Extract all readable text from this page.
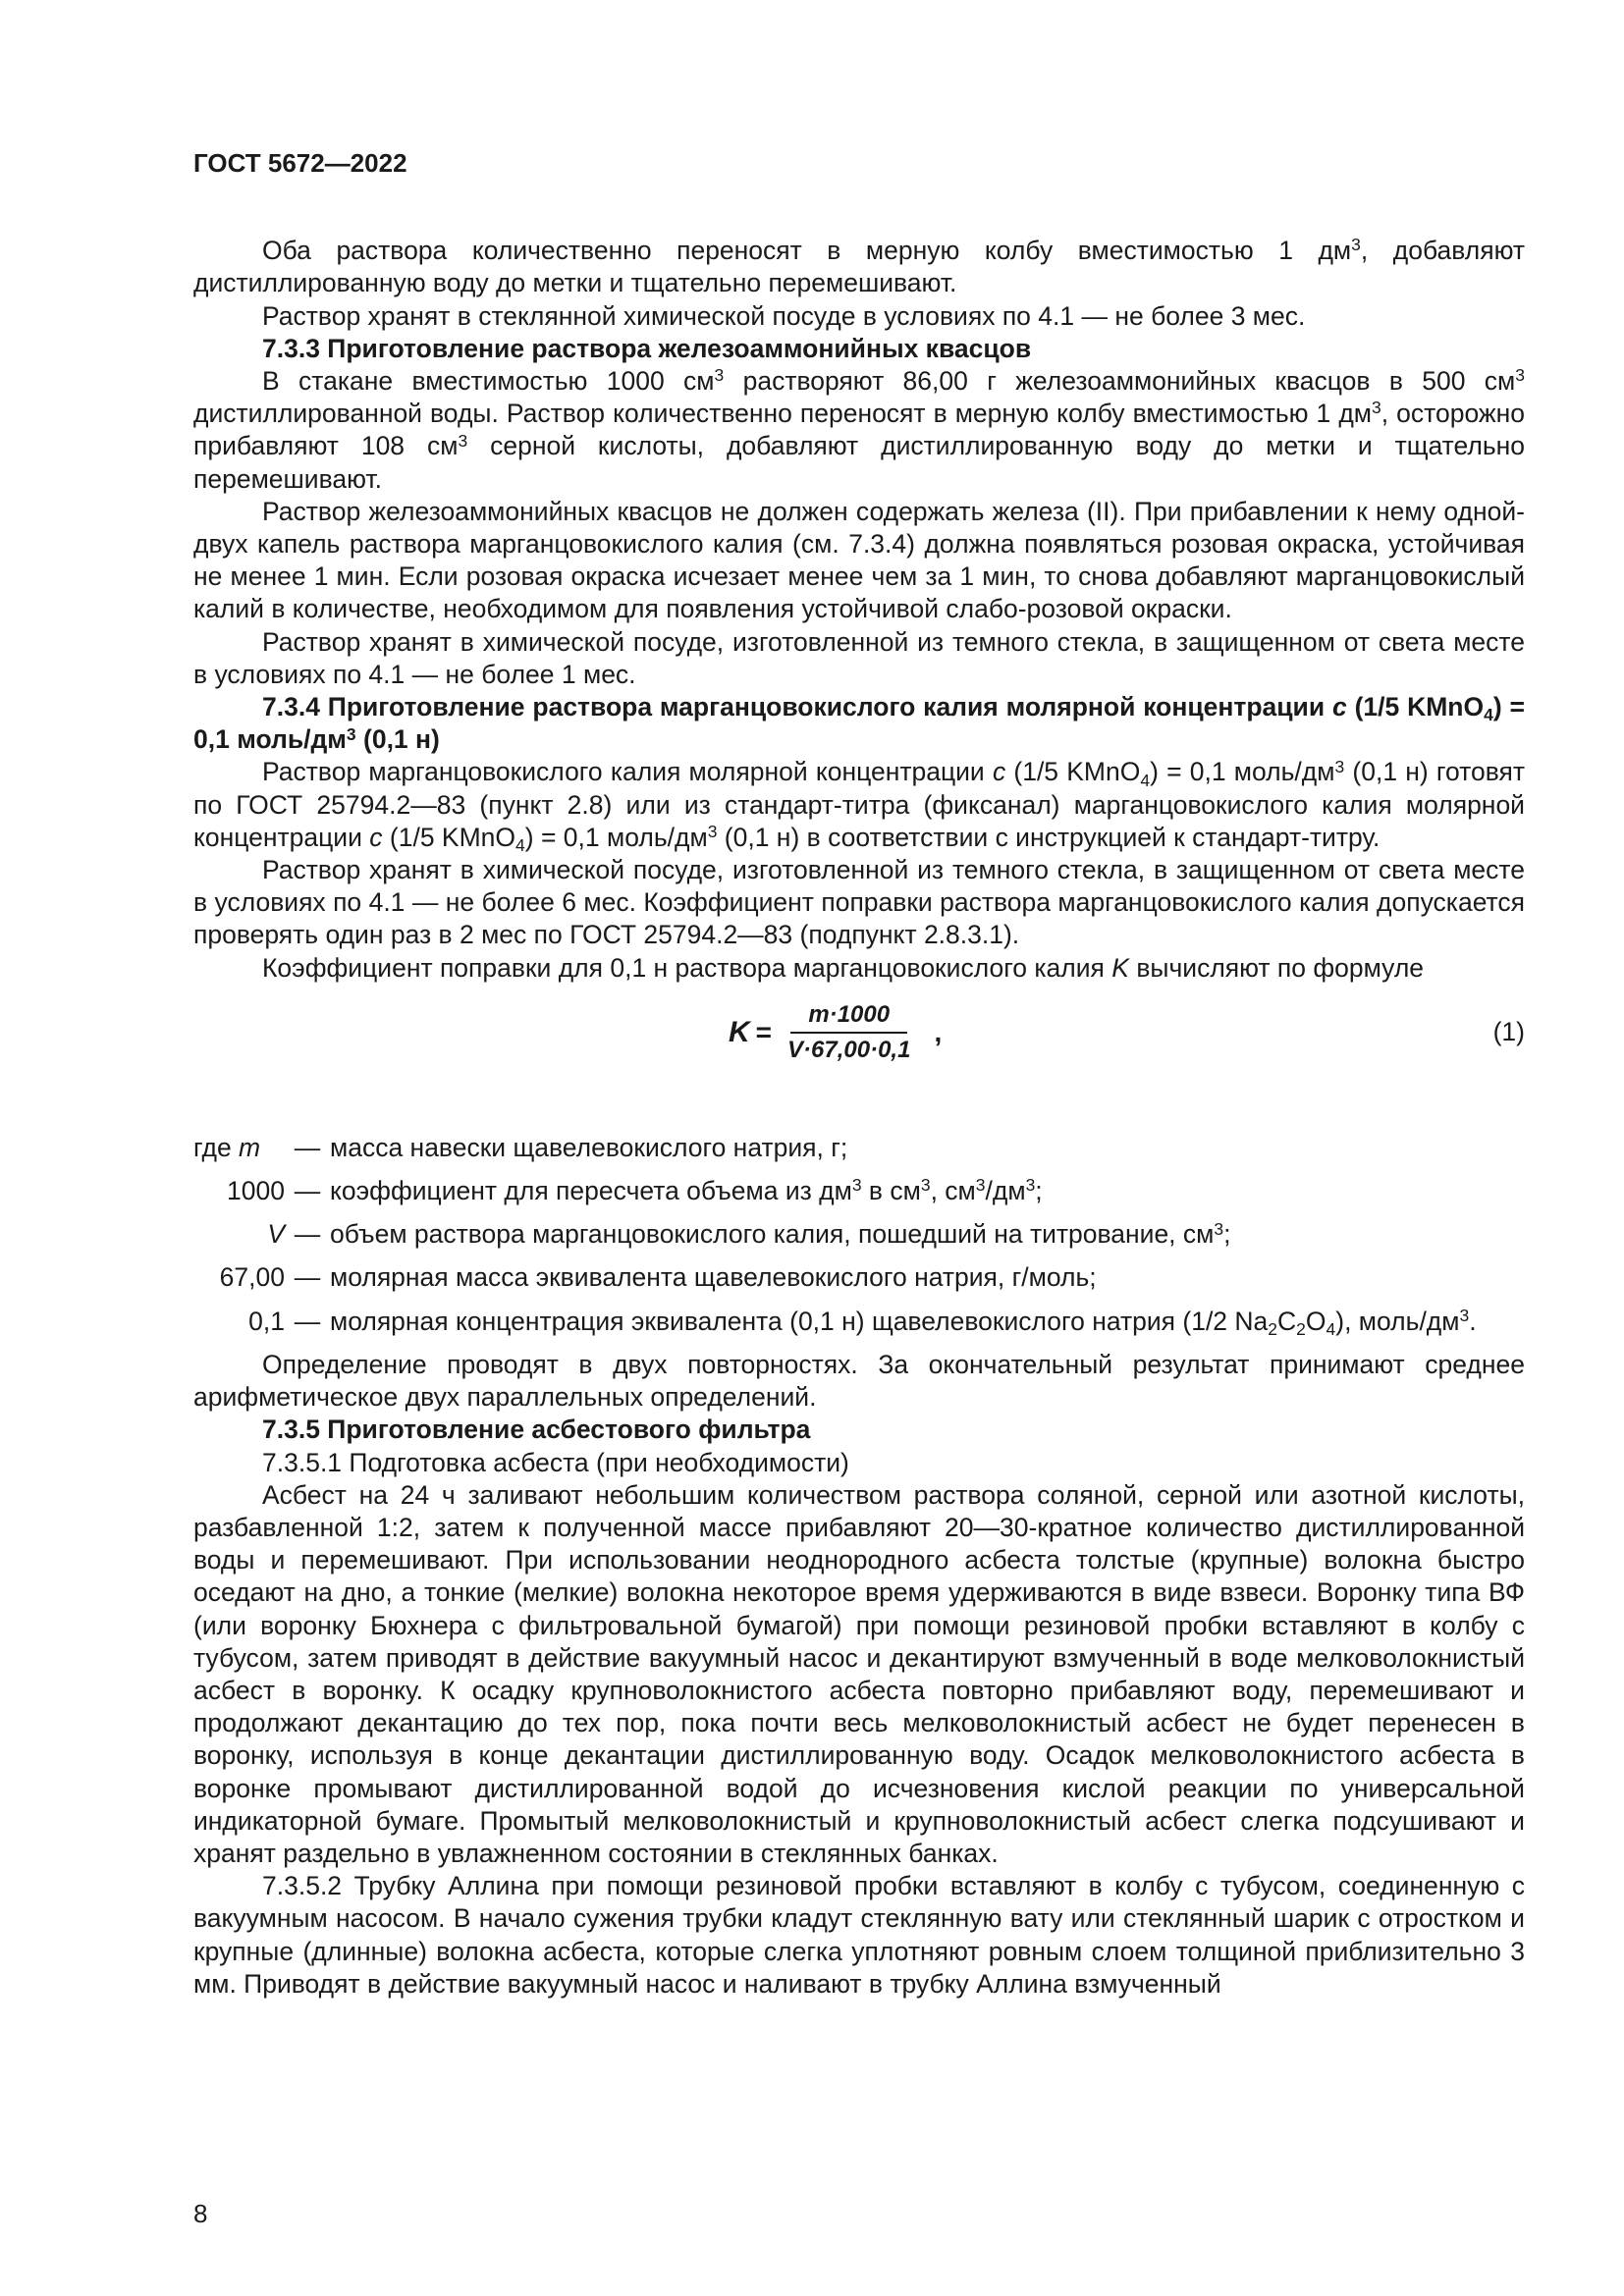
ГОСТ 5672—2022

Оба раствора количественно переносят в мерную колбу вместимостью 1 $дм^3$, добавляют дистиллированную воду до метки и тщательно перемешивают.

Раствор хранят в стеклянной химической посуде в условиях по 4.1 — не более 3 мес.

7.3.3 Приготовление раствора железоаммонийных квасцов

В стакане вместимостью 1000 $см^3$ растворяют 86,00 г железоаммонийных квасцов в 500 $см^3$ дистиллированной воды. Раствор количественно переносят в мерную колбу вместимостью 1 $дм^3$, осторожно прибавляют 108 $см^3$ серной кислоты, добавляют дистиллированную воду до метки и тщательно перемешивают.

Раствор железоаммонийных квасцов не должен содержать железа (II). При прибавлении к нему одной-двух капель раствора марганцовокислого калия (см. 7.3.4) должна появляться розовая окраска, устойчивая не менее 1 мин. Если розовая окраска исчезает менее чем за 1 мин, то снова добавляют марганцовокислый калий в количестве, необходимом для появления устойчивой слабо-розовой окраски.

Раствор хранят в химической посуде, изготовленной из темного стекла, в защищенном от света месте в условиях по 4.1 — не более 1 мес.

7.3.4 Приготовление раствора марганцовокислого калия молярной концентрации с (1/5 KMnO$_4$) = 0,1 моль/$дм^3$ (0,1 н)

Раствор марганцовокислого калия молярной концентрации с (1/5 KMnO$_4$) = 0,1 моль/$дм^3$ (0,1 н) готовят по ГОСТ 25794.2—83 (пункт 2.8) или из стандарт-титра (фиксанал) марганцовокислого калия молярной концентрации с (1/5 KMnO$_4$) = 0,1 моль/$дм^3$ (0,1 н) в соответствии с инструкцией к стандарт-титру.

Раствор хранят в химической посуде, изготовленной из темного стекла, в защищенном от света месте в условиях по 4.1 — не более 6 мес. Коэффициент поправки раствора марганцовокислого калия допускается проверять один раз в 2 мес по ГОСТ 25794.2—83 (подпункт 2.8.3.1).

Коэффициент поправки для 0,1 н раствора марганцовокислого калия K вычисляют по формуле

$K = \frac{m\cdot 1000}{V\cdot 67,00\cdot 0,1}$ ,	(1)
где m	— масса навески щавелевокислого натрия, г;
1000 — коэффициент для пересчета объема из $дм^3$ в $см^3$, $см^3/дм^3$;
V — объем раствора марганцовокислого калия, пошедший на титрование, $см^3$;
67,00 — молярная масса эквивалента щавелевокислого натрия, г/моль;
0,1 — молярная концентрация эквивалента (0,1 н) щавелевокислого натрия (1/2 $Na_2C_2O_4$), моль/$дм^3$.

Определение проводят в двух повторностях. За окончательный результат принимают среднее арифметическое двух параллельных определений.

7.3.5 Приготовление асбестового фильтра

7.3.5.1 Подготовка асбеста (при необходимости)

Асбест на 24 ч заливают небольшим количеством раствора соляной, серной или азотной кислоты, разбавленной 1:2, затем к полученной массе прибавляют 20—30-кратное количество дистиллированной воды и перемешивают. При использовании неоднородного асбеста толстые (крупные) волокна быстро оседают на дно, а тонкие (мелкие) волокна некоторое время удерживаются в виде взвеси. Воронку типа ВФ (или воронку Бюхнера с фильтровальной бумагой) при помощи резиновой пробки вставляют в колбу с тубусом, затем приводят в действие вакуумный насос и декантируют взмученный в воде мелковолокнистый асбест в воронку. К осадку крупноволокнистого асбеста повторно прибавляют воду, перемешивают и продолжают декантацию до тех пор, пока почти весь мелковолокнистый асбест не будет перенесен в воронку, используя в конце декантации дистиллированную воду. Осадок мелковолокнистого асбеста в воронке промывают дистиллированной водой до исчезновения кислой реакции по универсальной индикаторной бумаге. Промытый мелковолокнистый и крупноволокнистый асбест слегка подсушивают и хранят раздельно в увлажненном состоянии в стеклянных банках.

7.3.5.2 Трубку Аллина при помощи резиновой пробки вставляют в колбу с тубусом, соединенную с вакуумным насосом. В начало сужения трубки кладут стеклянную вату или стеклянный шарик с отростком и крупные (длинные) волокна асбеста, которые слегка уплотняют ровным слоем толщиной приблизительно 3 мм. Приводят в действие вакуумный насос и наливают в трубку Аллина взмученный

8
